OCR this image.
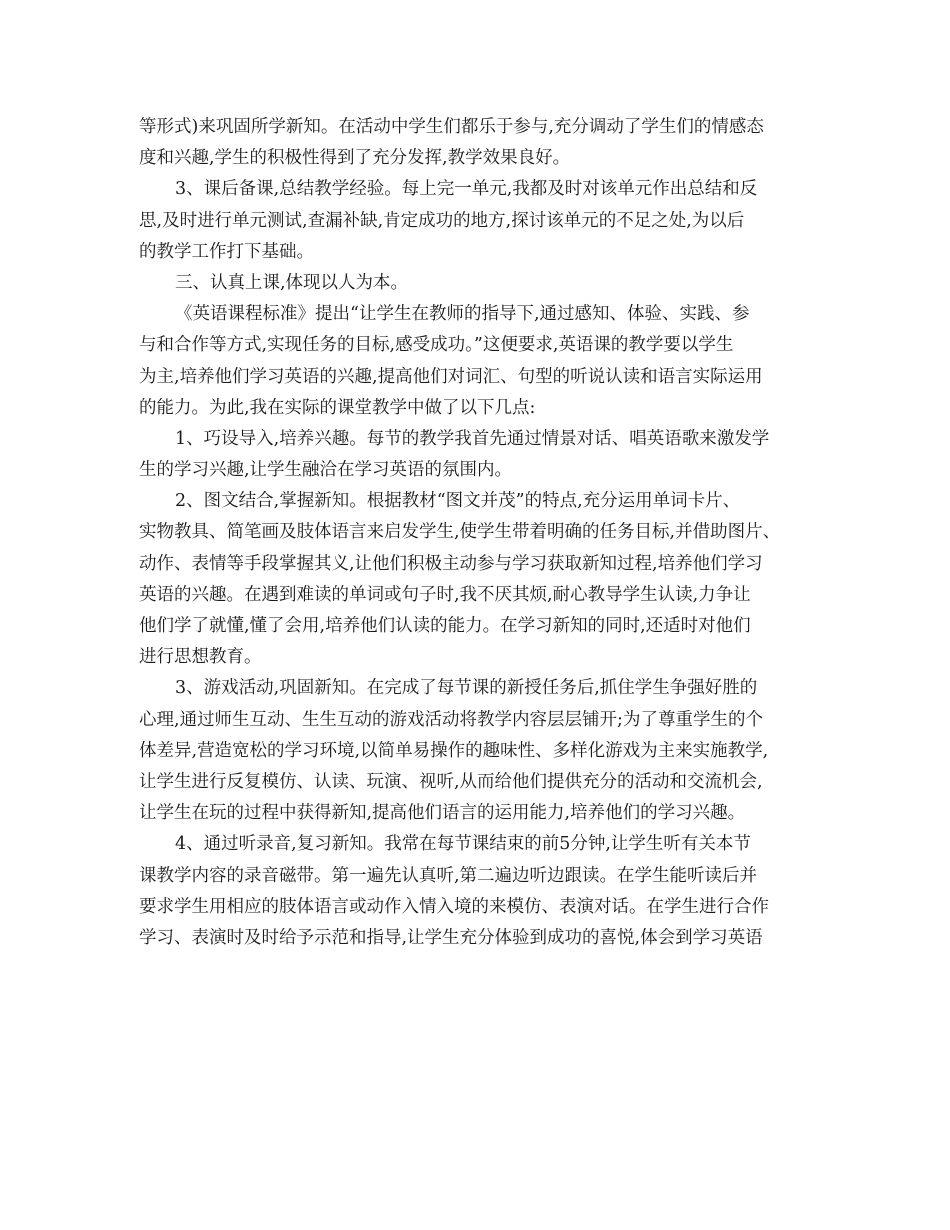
等形式)来巩固所学新知。在活动中学生们都乐于参与,充分调动了学生们的情感态
度和兴趣,学生的积极性得到了充分发挥,教学效果良好。
3、课后备课,总结教学经验。每上完一单元,我都及时对该单元作出总结和反
思,及时进行单元测试,查漏补缺,肯定成功的地方,探讨该单元的不足之处,为以后
的教学工作打下基础。
三、认真上课,体现以人为本。
《英语课程标准》提出“让学生在教师的指导下,通过感知、体验、实践、参
与和合作等方式,实现任务的目标,感受成功。”这便要求,英语课的教学要以学生
为主,培养他们学习英语的兴趣,提高他们对词汇、句型的听说认读和语言实际运用
的能力。为此,我在实际的课堂教学中做了以下几点:
1、巧设导入,培养兴趣。每节的教学我首先通过情景对话、唱英语歌来激发学
生的学习兴趣,让学生融洽在学习英语的氛围内。
2、图文结合,掌握新知。根据教材“图文并茂”的特点,充分运用单词卡片、
实物教具、简笔画及肢体语言来启发学生,使学生带着明确的任务目标,并借助图片、
动作、表情等手段掌握其义,让他们积极主动参与学习获取新知过程,培养他们学习
英语的兴趣。在遇到难读的单词或句子时,我不厌其烦,耐心教导学生认读,力争让
他们学了就懂,懂了会用,培养他们认读的能力。在学习新知的同时,还适时对他们
进行思想教育。
3、游戏活动,巩固新知。在完成了每节课的新授任务后,抓住学生争强好胜的
心理,通过师生互动、生生互动的游戏活动将教学内容层层铺开;为了尊重学生的个
体差异,营造宽松的学习环境,以简单易操作的趣味性、多样化游戏为主来实施教学,
让学生进行反复模仿、认读、玩演、视听,从而给他们提供充分的活动和交流机会,
让学生在玩的过程中获得新知,提高他们语言的运用能力,培养他们的学习兴趣。
4、通过听录音,复习新知。我常在每节课结束的前5分钟,让学生听有关本节
课教学内容的录音磁带。第一遍先认真听,第二遍边听边跟读。在学生能听读后并
要求学生用相应的肢体语言或动作入情入境的来模仿、表演对话。在学生进行合作
学习、表演时及时给予示范和指导,让学生充分体验到成功的喜悦,体会到学习英语
